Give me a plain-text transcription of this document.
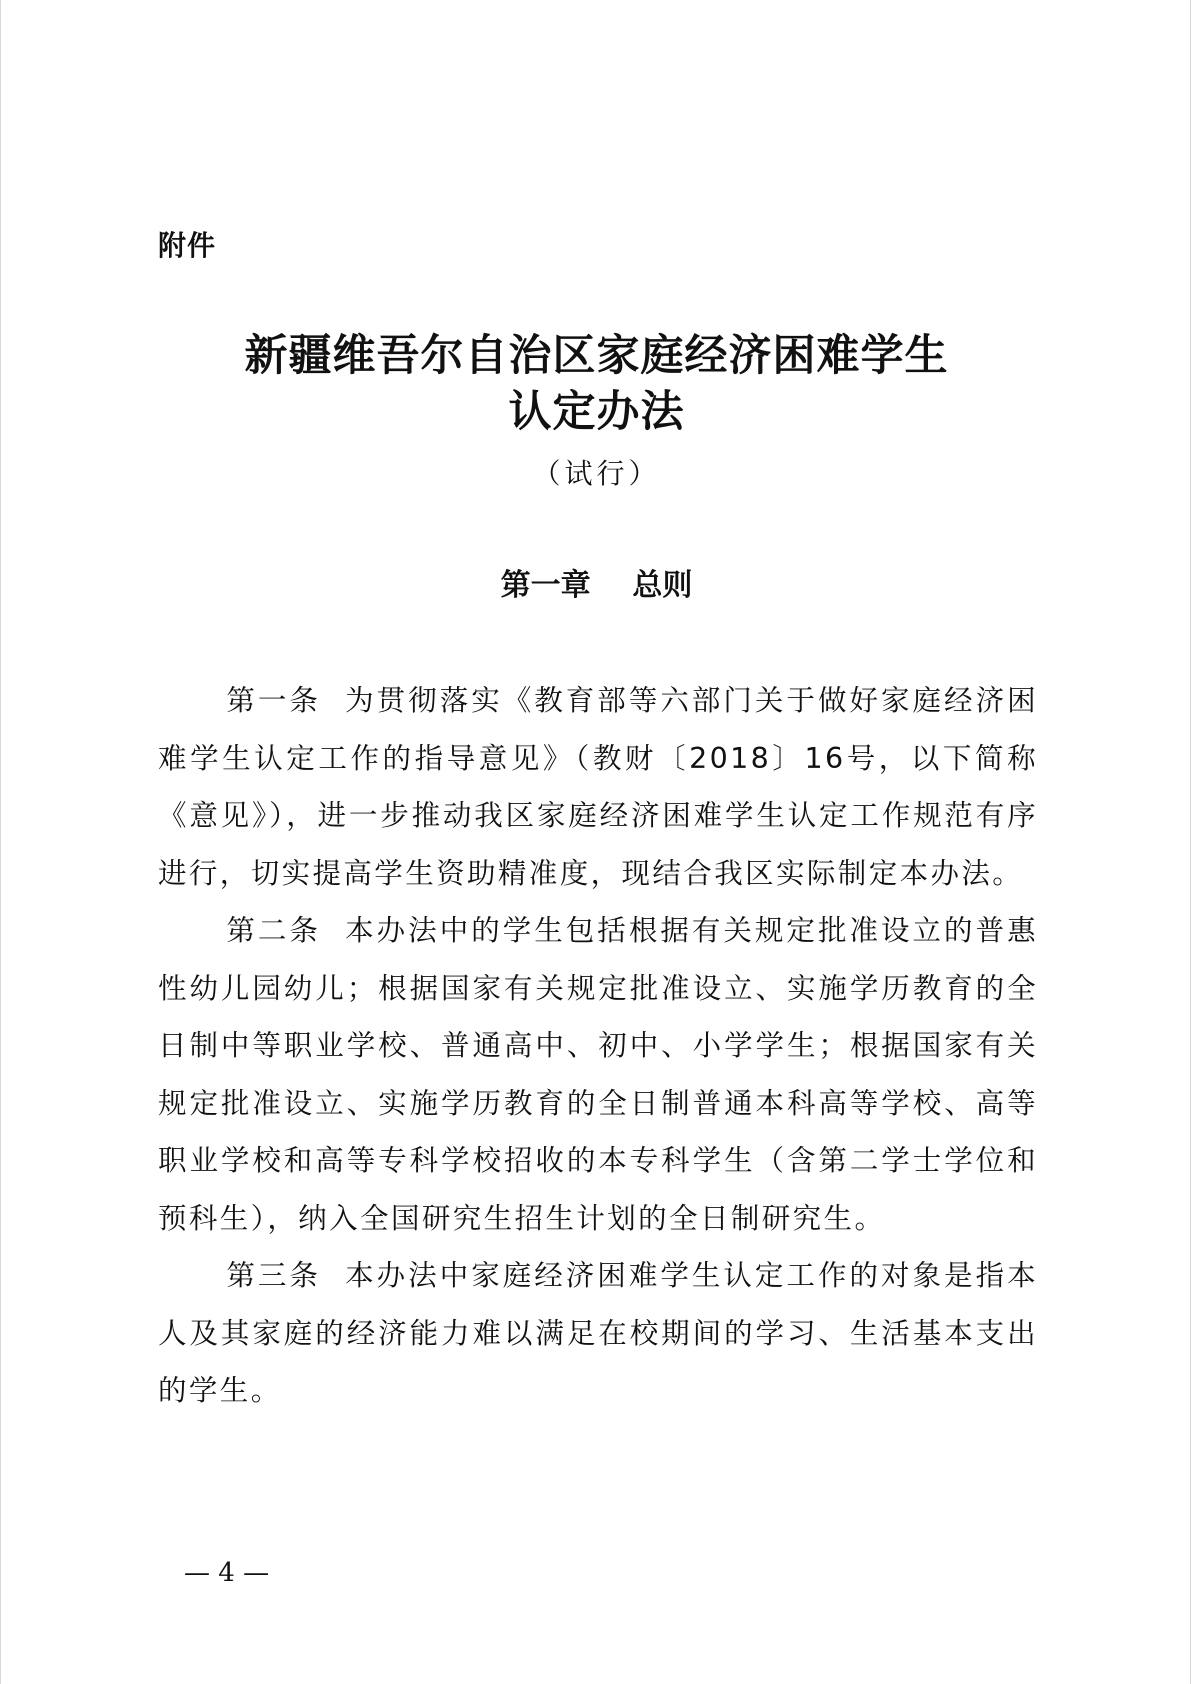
附件
新疆维吾尔自治区家庭经济困难学生
认定办法
（试行）
第一章    总则

第一条  为贯彻落实《教育部等六部门关于做好家庭经济困难学生认定工作的指导意见》（教财〔2018〕16号，以下简称《意见》），进一步推动我区家庭经济困难学生认定工作规范有序进行，切实提高学生资助精准度，现结合我区实际制定本办法。

第二条  本办法中的学生包括根据有关规定批准设立的普惠性幼儿园幼儿；根据国家有关规定批准设立、实施学历教育的全日制中等职业学校、普通高中、初中、小学学生；根据国家有关规定批准设立、实施学历教育的全日制普通本科高等学校、高等职业学校和高等专科学校招收的本专科学生（含第二学士学位和预科生），纳入全国研究生招生计划的全日制研究生。

第三条  本办法中家庭经济困难学生认定工作的对象是指本人及其家庭的经济能力难以满足在校期间的学习、生活基本支出的学生。

— 4 —
